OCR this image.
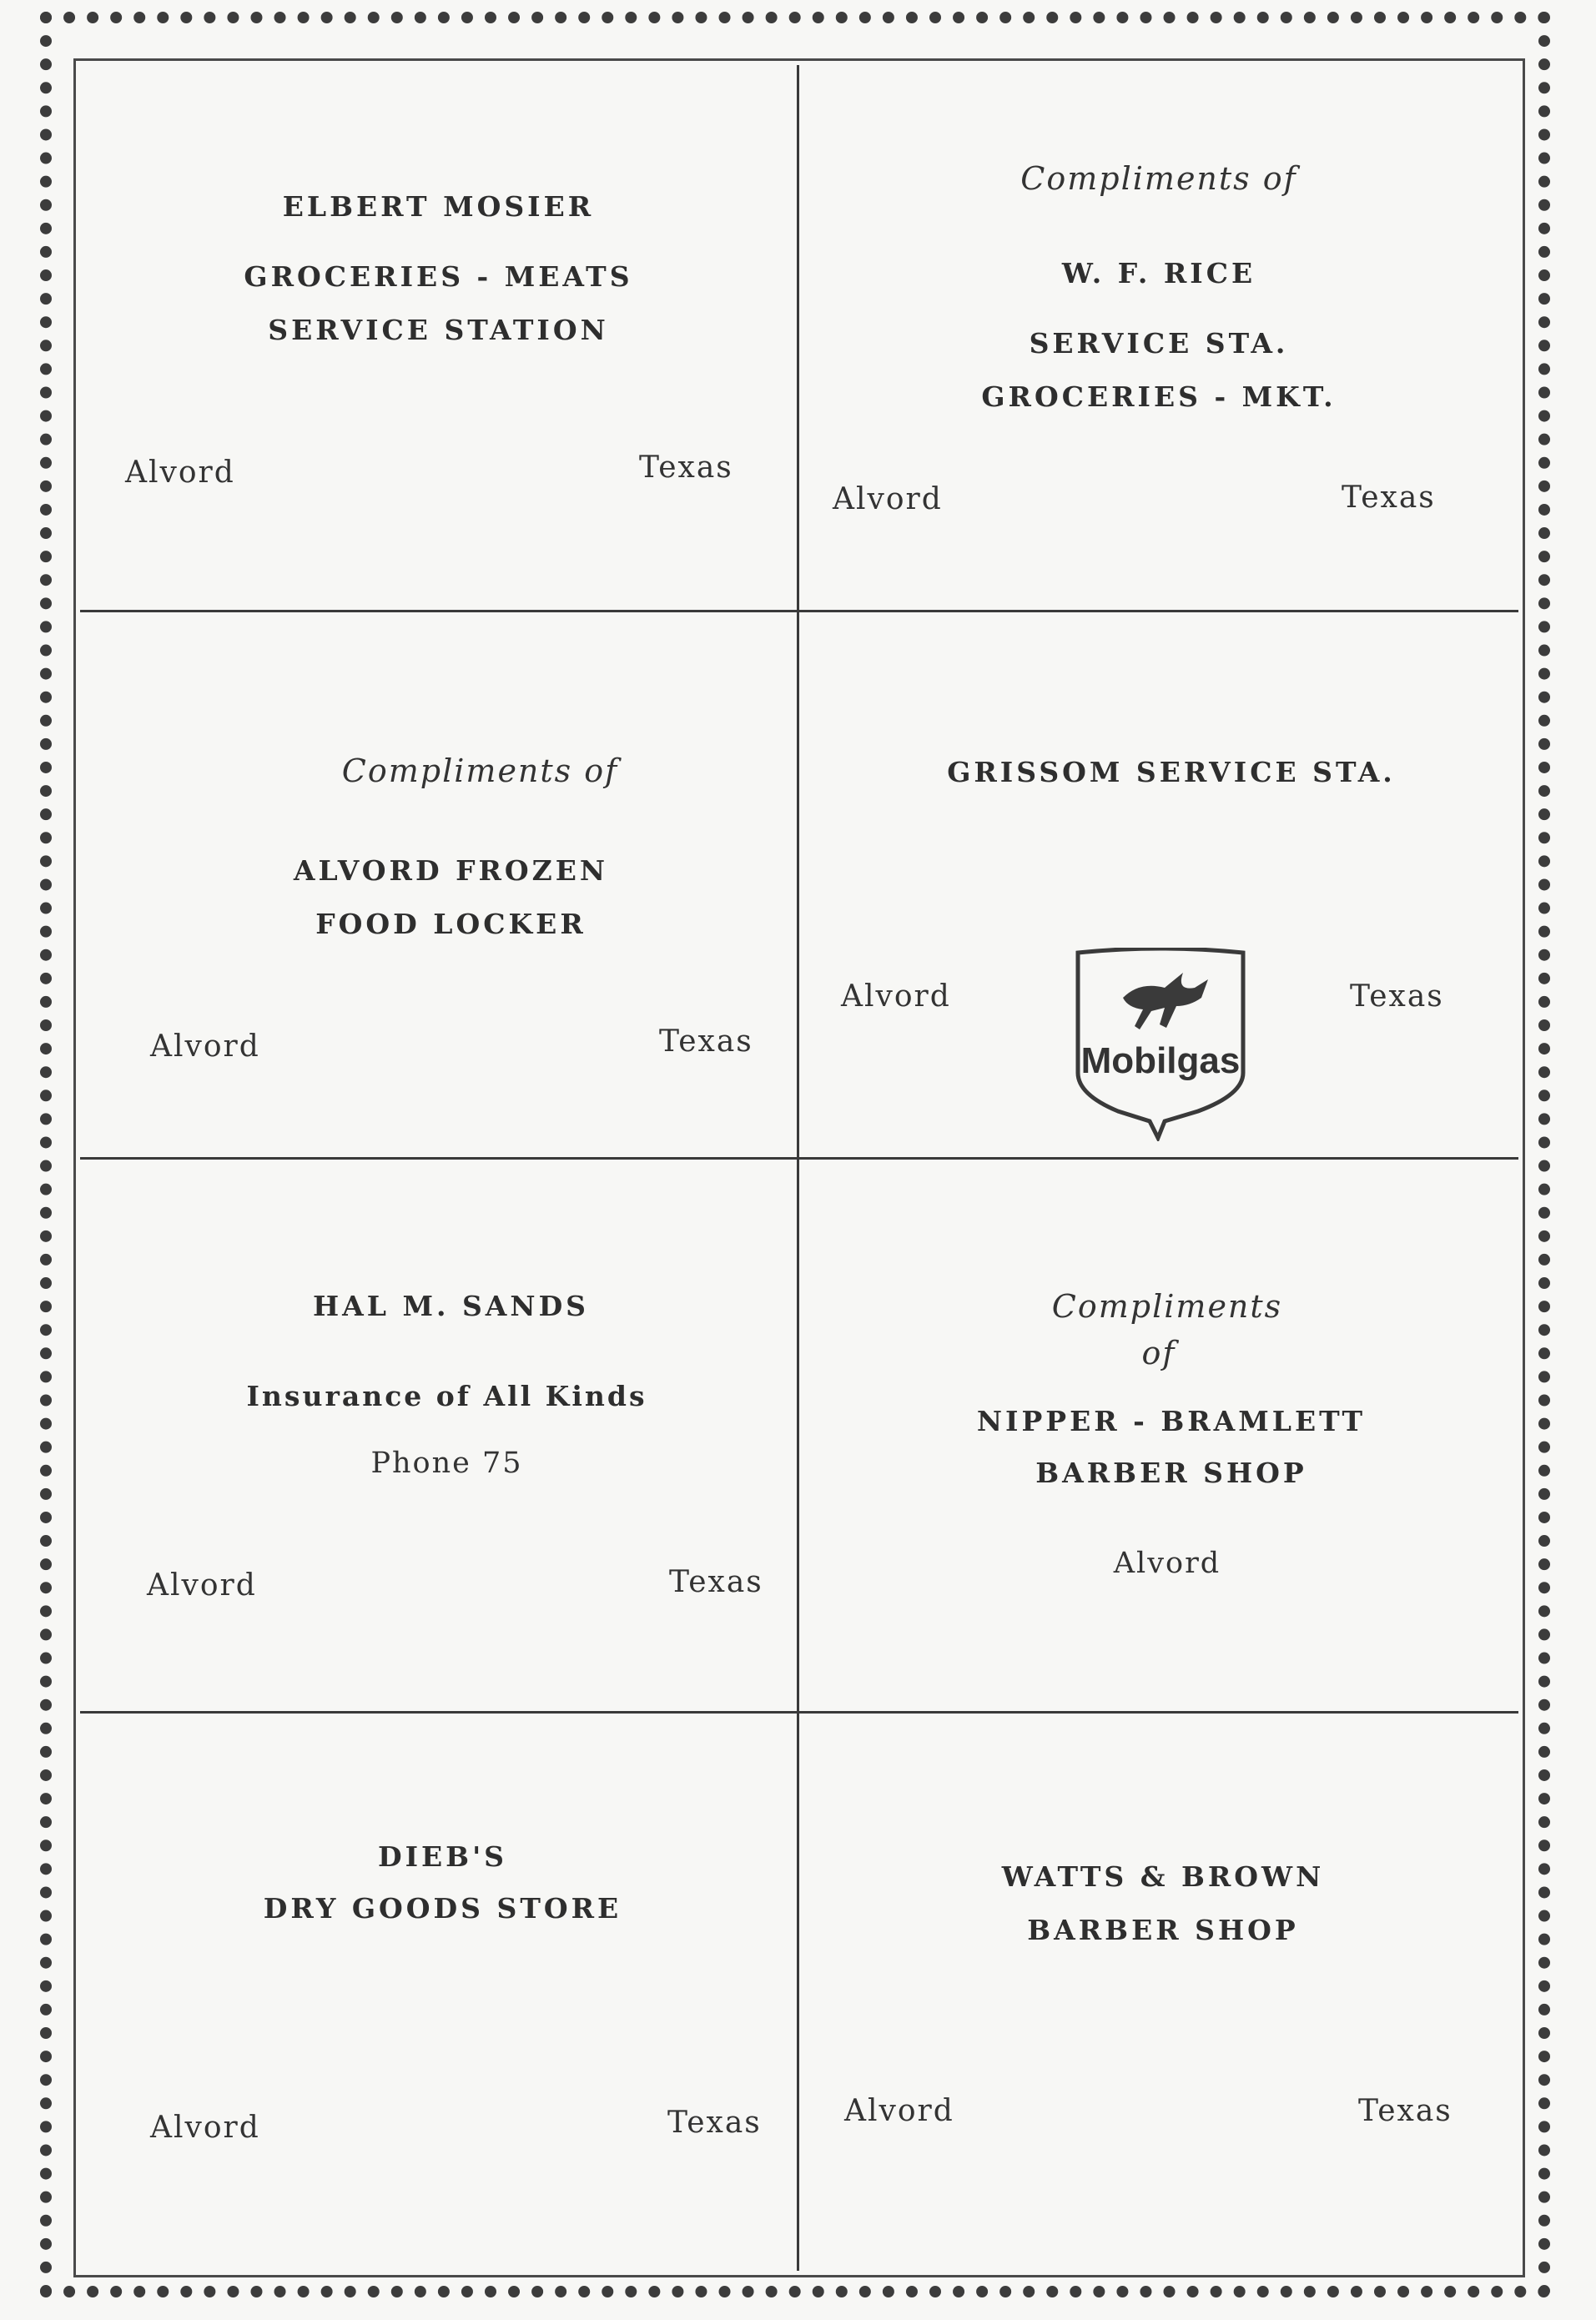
ELBERT MOSIER
GROCERIES - MEATS
SERVICE STATION
Alvord	Texas
Compliments of
W. F. RICE
SERVICE STA.
GROCERIES - MKT.
Alvord	Texas
Compliments of
ALVORD FROZEN
FOOD LOCKER
Alvord	Texas
GRISSOM SERVICE STA.
Alvord	Texas
Mobilgas
HAL M. SANDS
Insurance of All Kinds
Phone 75
Alvord	Texas
Compliments
of
NIPPER - BRAMLETT
BARBER SHOP
Alvord
DIEB'S
DRY GOODS STORE
Alvord	Texas
WATTS & BROWN
BARBER SHOP
Alvord	Texas
